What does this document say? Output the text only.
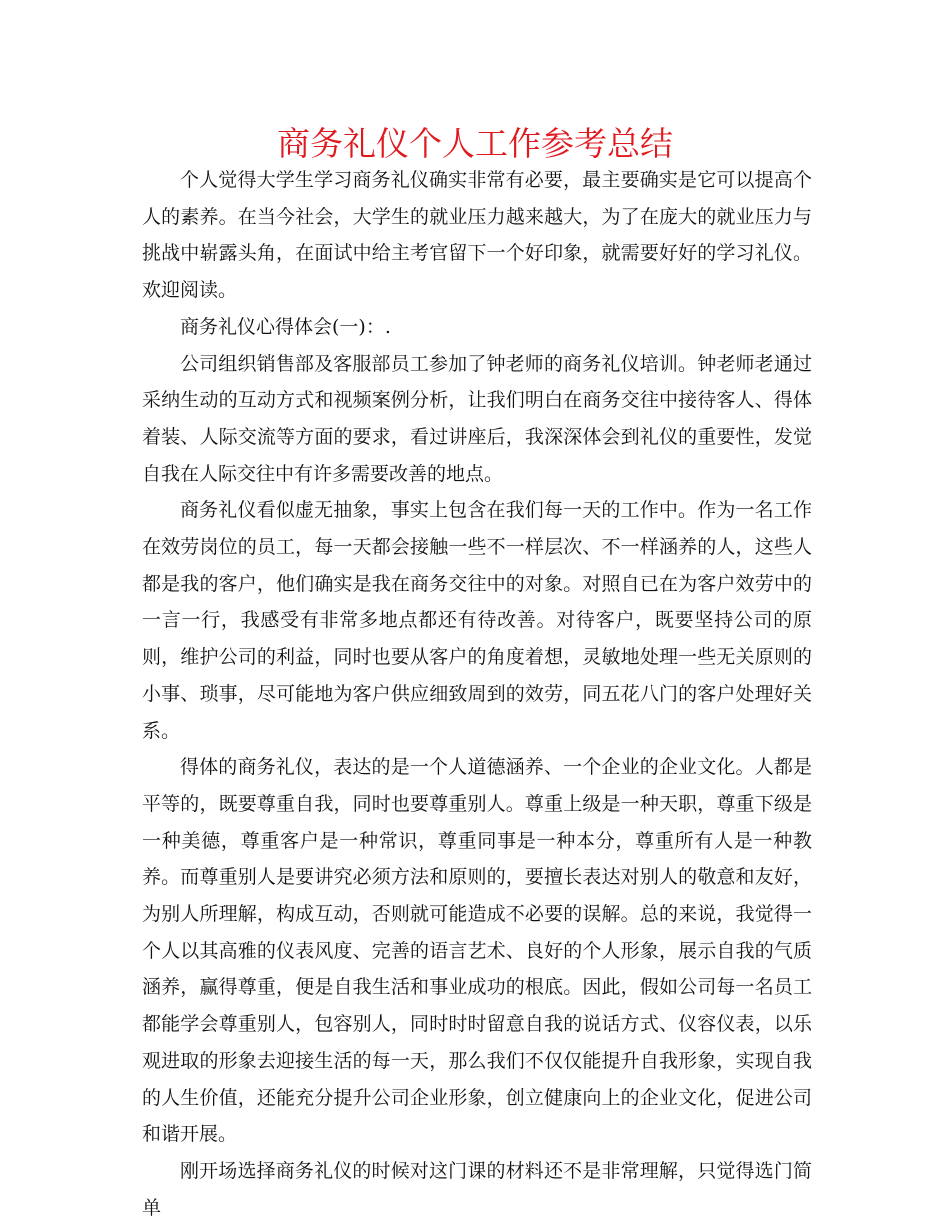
商务礼仪个人工作参考总结

个人觉得大学生学习商务礼仪确实非常有必要，最主要确实是它可以提高个人的素养。在当今社会，大学生的就业压力越来越大，为了在庞大的就业压力与挑战中崭露头角，在面试中给主考官留下一个好印象，就需要好好的学习礼仪。欢迎阅读。

商务礼仪心得体会(一)：.

公司组织销售部及客服部员工参加了钟老师的商务礼仪培训。钟老师老通过采纳生动的互动方式和视频案例分析，让我们明白在商务交往中接待客人、得体着装、人际交流等方面的要求，看过讲座后，我深深体会到礼仪的重要性，发觉自我在人际交往中有许多需要改善的地点。

商务礼仪看似虚无抽象，事实上包含在我们每一天的工作中。作为一名工作在效劳岗位的员工，每一天都会接触一些不一样层次、不一样涵养的人，这些人都是我的客户，他们确实是我在商务交往中的对象。对照自已在为客户效劳中的一言一行，我感受有非常多地点都还有待改善。对待客户，既要坚持公司的原则，维护公司的利益，同时也要从客户的角度着想，灵敏地处理一些无关原则的小事、琐事，尽可能地为客户供应细致周到的效劳，同五花八门的客户处理好关系。

得体的商务礼仪，表达的是一个人道德涵养、一个企业的企业文化。人都是平等的，既要尊重自我，同时也要尊重别人。尊重上级是一种天职，尊重下级是一种美德，尊重客户是一种常识，尊重同事是一种本分，尊重所有人是一种教养。而尊重别人是要讲究必须方法和原则的，要擅长表达对别人的敬意和友好，为别人所理解，构成互动，否则就可能造成不必要的误解。总的来说，我觉得一个人以其高雅的仪表风度、完善的语言艺术、良好的个人形象，展示自我的气质涵养，赢得尊重，便是自我生活和事业成功的根底。因此，假如公司每一名员工都能学会尊重别人，包容别人，同时时时留意自我的说话方式、仪容仪表，以乐观进取的形象去迎接生活的每一天，那么我们不仅仅能提升自我形象，实现自我的人生价值，还能充分提升公司企业形象，创立健康向上的企业文化，促进公司和谐开展。

刚开场选择商务礼仪的时候对这门课的材料还不是非常理解，只觉得选门简单
